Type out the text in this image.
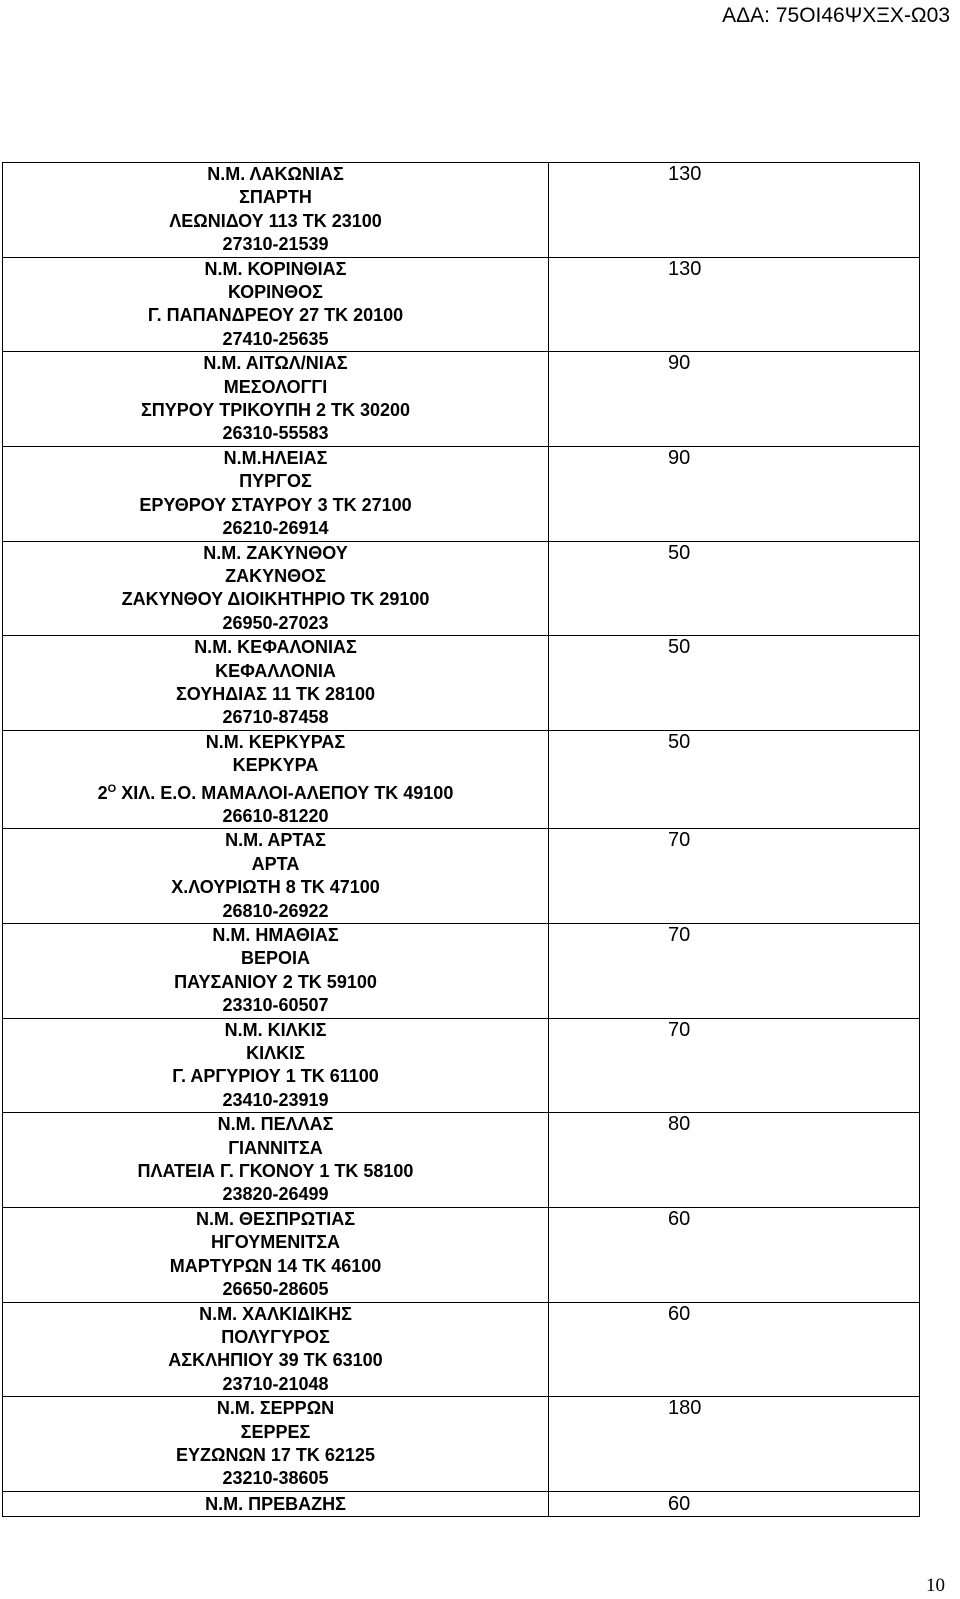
ΑΔΑ: 75ΟΙ46ΨΧΞΧ-Ω03
Ν.Μ. ΛΑΚΩΝΙΑΣ
ΣΠΑΡΤΗ
ΛΕΩΝΙΔΟΥ 113 ΤΚ 23100
27310-21539	130

Ν.Μ. ΚΟΡΙΝΘΙΑΣ
ΚΟΡΙΝΘΟΣ
Γ. ΠΑΠΑΝΔΡΕΟΥ 27 ΤΚ 20100
27410-25635	130

Ν.Μ. ΑΙΤΩΛ/ΝΙΑΣ
ΜΕΣΟΛΟΓΓΙ
ΣΠΥΡΟΥ ΤΡΙΚΟΥΠΗ 2 ΤΚ 30200
26310-55583	90

Ν.Μ.ΗΛΕΙΑΣ
ΠΥΡΓΟΣ
ΕΡΥΘΡΟΥ ΣΤΑΥΡΟΥ 3 ΤΚ 27100
26210-26914	90

Ν.Μ. ΖΑΚΥΝΘΟΥ
ΖΑΚΥΝΘΟΣ
ΖΑΚΥΝΘΟΥ ΔΙΟΙΚΗΤΗΡΙΟ ΤΚ 29100
26950-27023	50

Ν.Μ. ΚΕΦΑΛΟΝΙΑΣ
ΚΕΦΑΛΛΟΝΙΑ
ΣΟΥΗΔΙΑΣ 11 ΤΚ 28100
26710-87458	50

Ν.Μ. ΚΕΡΚΥΡΑΣ
ΚΕΡΚΥΡΑ
$2^O$ ΧΙΛ. Ε.Ο. ΜΑΜΑΛΟΙ-ΑΛΕΠΟΥ ΤΚ 49100
26610-81220	50

Ν.Μ. ΑΡΤΑΣ
ΑΡΤΑ
Χ.ΛΟΥΡΙΩΤΗ 8 ΤΚ 47100
26810-26922	70

Ν.Μ. ΗΜΑΘΙΑΣ
ΒΕΡΟΙΑ
ΠΑΥΣΑΝΙΟΥ 2 ΤΚ 59100
23310-60507	70

Ν.Μ. ΚΙΛΚΙΣ
ΚΙΛΚΙΣ
Γ. ΑΡΓΥΡΙΟΥ 1 ΤΚ 61100
23410-23919	70

Ν.Μ. ΠΕΛΛΑΣ
ΓΙΑΝΝΙΤΣΑ
ΠΛΑΤΕΙΑ Γ. ΓΚΟΝΟΥ 1 ΤΚ 58100
23820-26499	80

Ν.Μ. ΘΕΣΠΡΩΤΙΑΣ
ΗΓΟΥΜΕΝΙΤΣΑ
ΜΑΡΤΥΡΩΝ 14 ΤΚ 46100
26650-28605	60

Ν.Μ. ΧΑΛΚΙΔΙΚΗΣ
ΠΟΛΥΓΥΡΟΣ
ΑΣΚΛΗΠΙΟΥ 39 ΤΚ 63100
23710-21048	60

Ν.Μ. ΣΕΡΡΩΝ
ΣΕΡΡΕΣ
ΕΥΖΩΝΩΝ 17 ΤΚ 62125
23210-38605	180

Ν.Μ. ΠΡΕΒΑΖΗΣ	60
10
